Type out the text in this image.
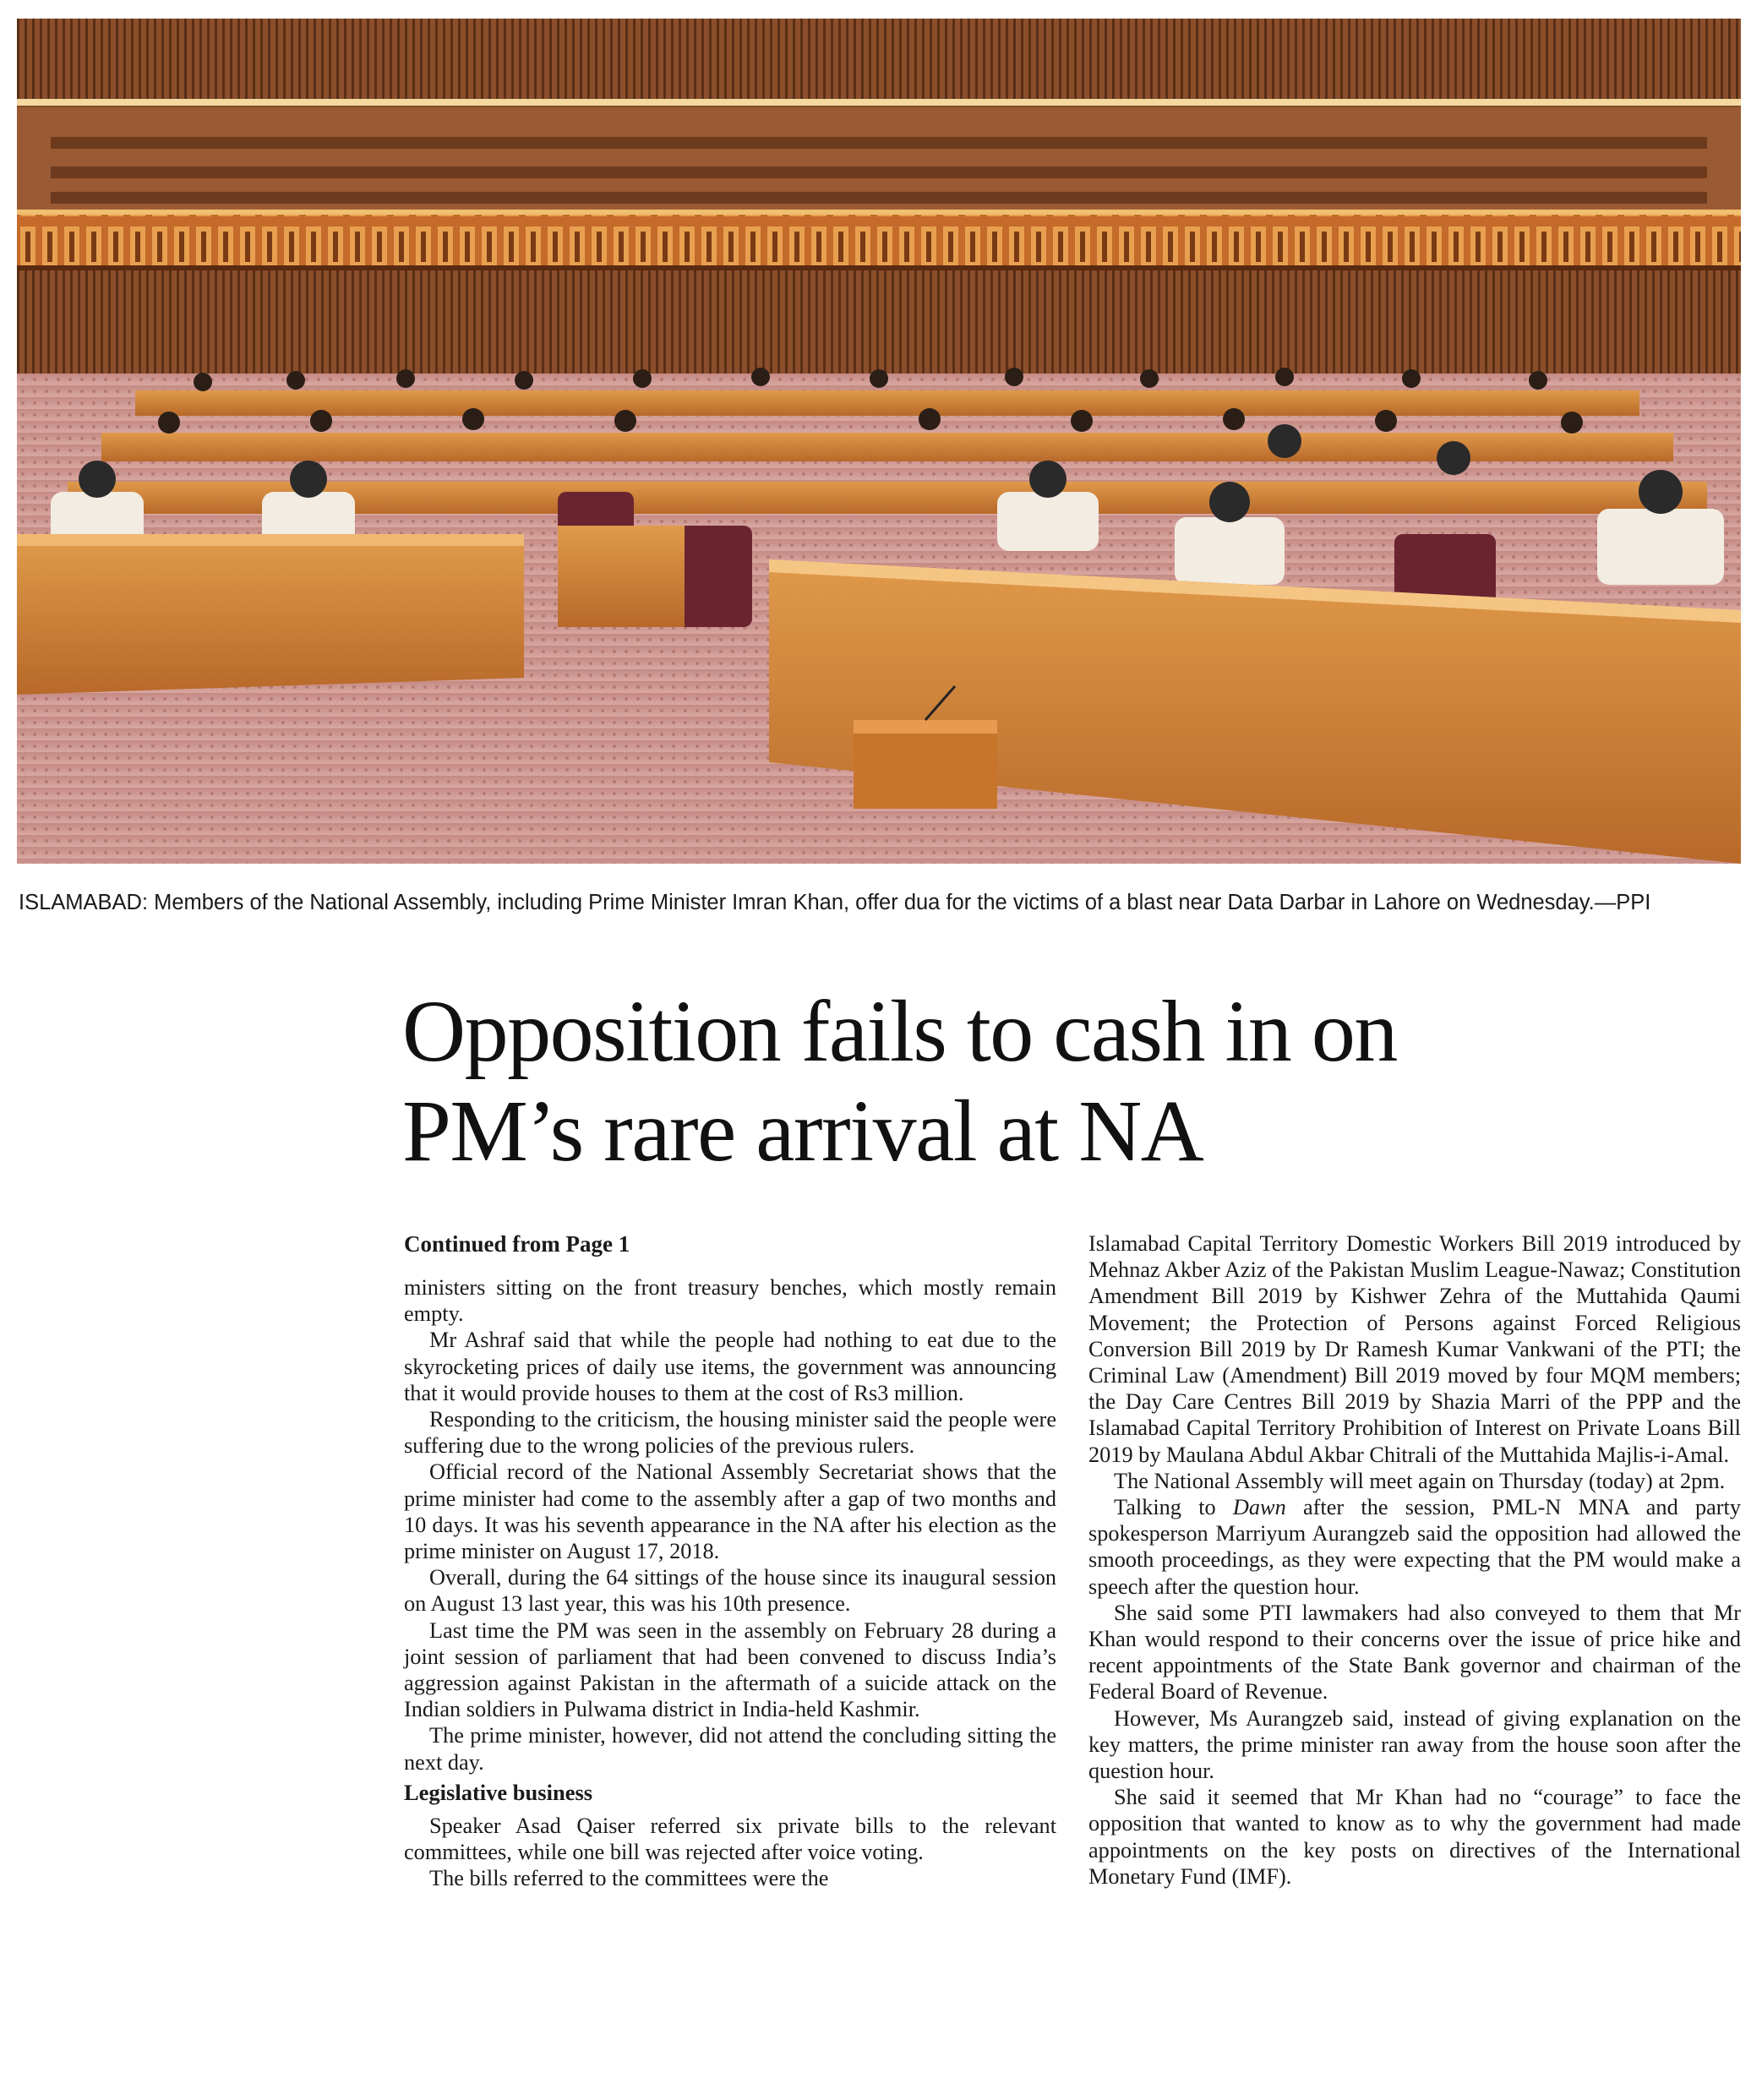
ISLAMABAD: Members of the National Assembly, including Prime Minister Imran Khan, offer dua for the victims of a blast near Data Darbar in Lahore on Wednesday.—PPI
Opposition fails to cash in on
PM’s rare arrival at NA

Continued from Page 1

ministers sitting on the front treasury benches, which mostly remain empty.

Mr Ashraf said that while the people had nothing to eat due to the skyrocketing prices of daily use items, the government was announcing that it would provide houses to them at the cost of Rs3 million.

Responding to the criticism, the housing minister said the people were suffering due to the wrong policies of the previous rulers.

Official record of the National Assembly Secretariat shows that the prime minister had come to the assembly after a gap of two months and 10 days. It was his seventh appearance in the NA after his election as the prime minister on August 17, 2018.

Overall, during the 64 sittings of the house since its inaugural session on August 13 last year, this was his 10th presence.

Last time the PM was seen in the assembly on February 28 during a joint session of parliament that had been convened to discuss India’s aggression against Pakistan in the aftermath of a suicide attack on the Indian soldiers in Pulwama district in India-held Kashmir.

The prime minister, however, did not attend the concluding sitting the next day.

Legislative business

Speaker Asad Qaiser referred six private bills to the relevant committees, while one bill was rejected after voice voting.

The bills referred to the committees were the

Islamabad Capital Territory Domestic Workers Bill 2019 introduced by Mehnaz Akber Aziz of the Pakistan Muslim League-Nawaz; Constitution Amendment Bill 2019 by Kishwer Zehra of the Muttahida Qaumi Movement; the Protection of Persons against Forced Religious Conversion Bill 2019 by Dr Ramesh Kumar Vankwani of the PTI; the Criminal Law (Amendment) Bill 2019 moved by four MQM members; the Day Care Centres Bill 2019 by Shazia Marri of the PPP and the Islamabad Capital Territory Prohibition of Interest on Private Loans Bill 2019 by Maulana Abdul Akbar Chitrali of the Muttahida Majlis-i-Amal.

The National Assembly will meet again on Thursday (today) at 2pm.

Talking to Dawn after the session, PML-N MNA and party spokesperson Marriyum Aurangzeb said the opposition had allowed the smooth proceedings, as they were expecting that the PM would make a speech after the question hour.

She said some PTI lawmakers had also conveyed to them that Mr Khan would respond to their concerns over the issue of price hike and recent appointments of the State Bank governor and chairman of the Federal Board of Revenue.

However, Ms Aurangzeb said, instead of giving explanation on the key matters, the prime minister ran away from the house soon after the question hour.

She said it seemed that Mr Khan had no “courage” to face the opposition that wanted to know as to why the government had made appointments on the key posts on directives of the International Monetary Fund (IMF).
